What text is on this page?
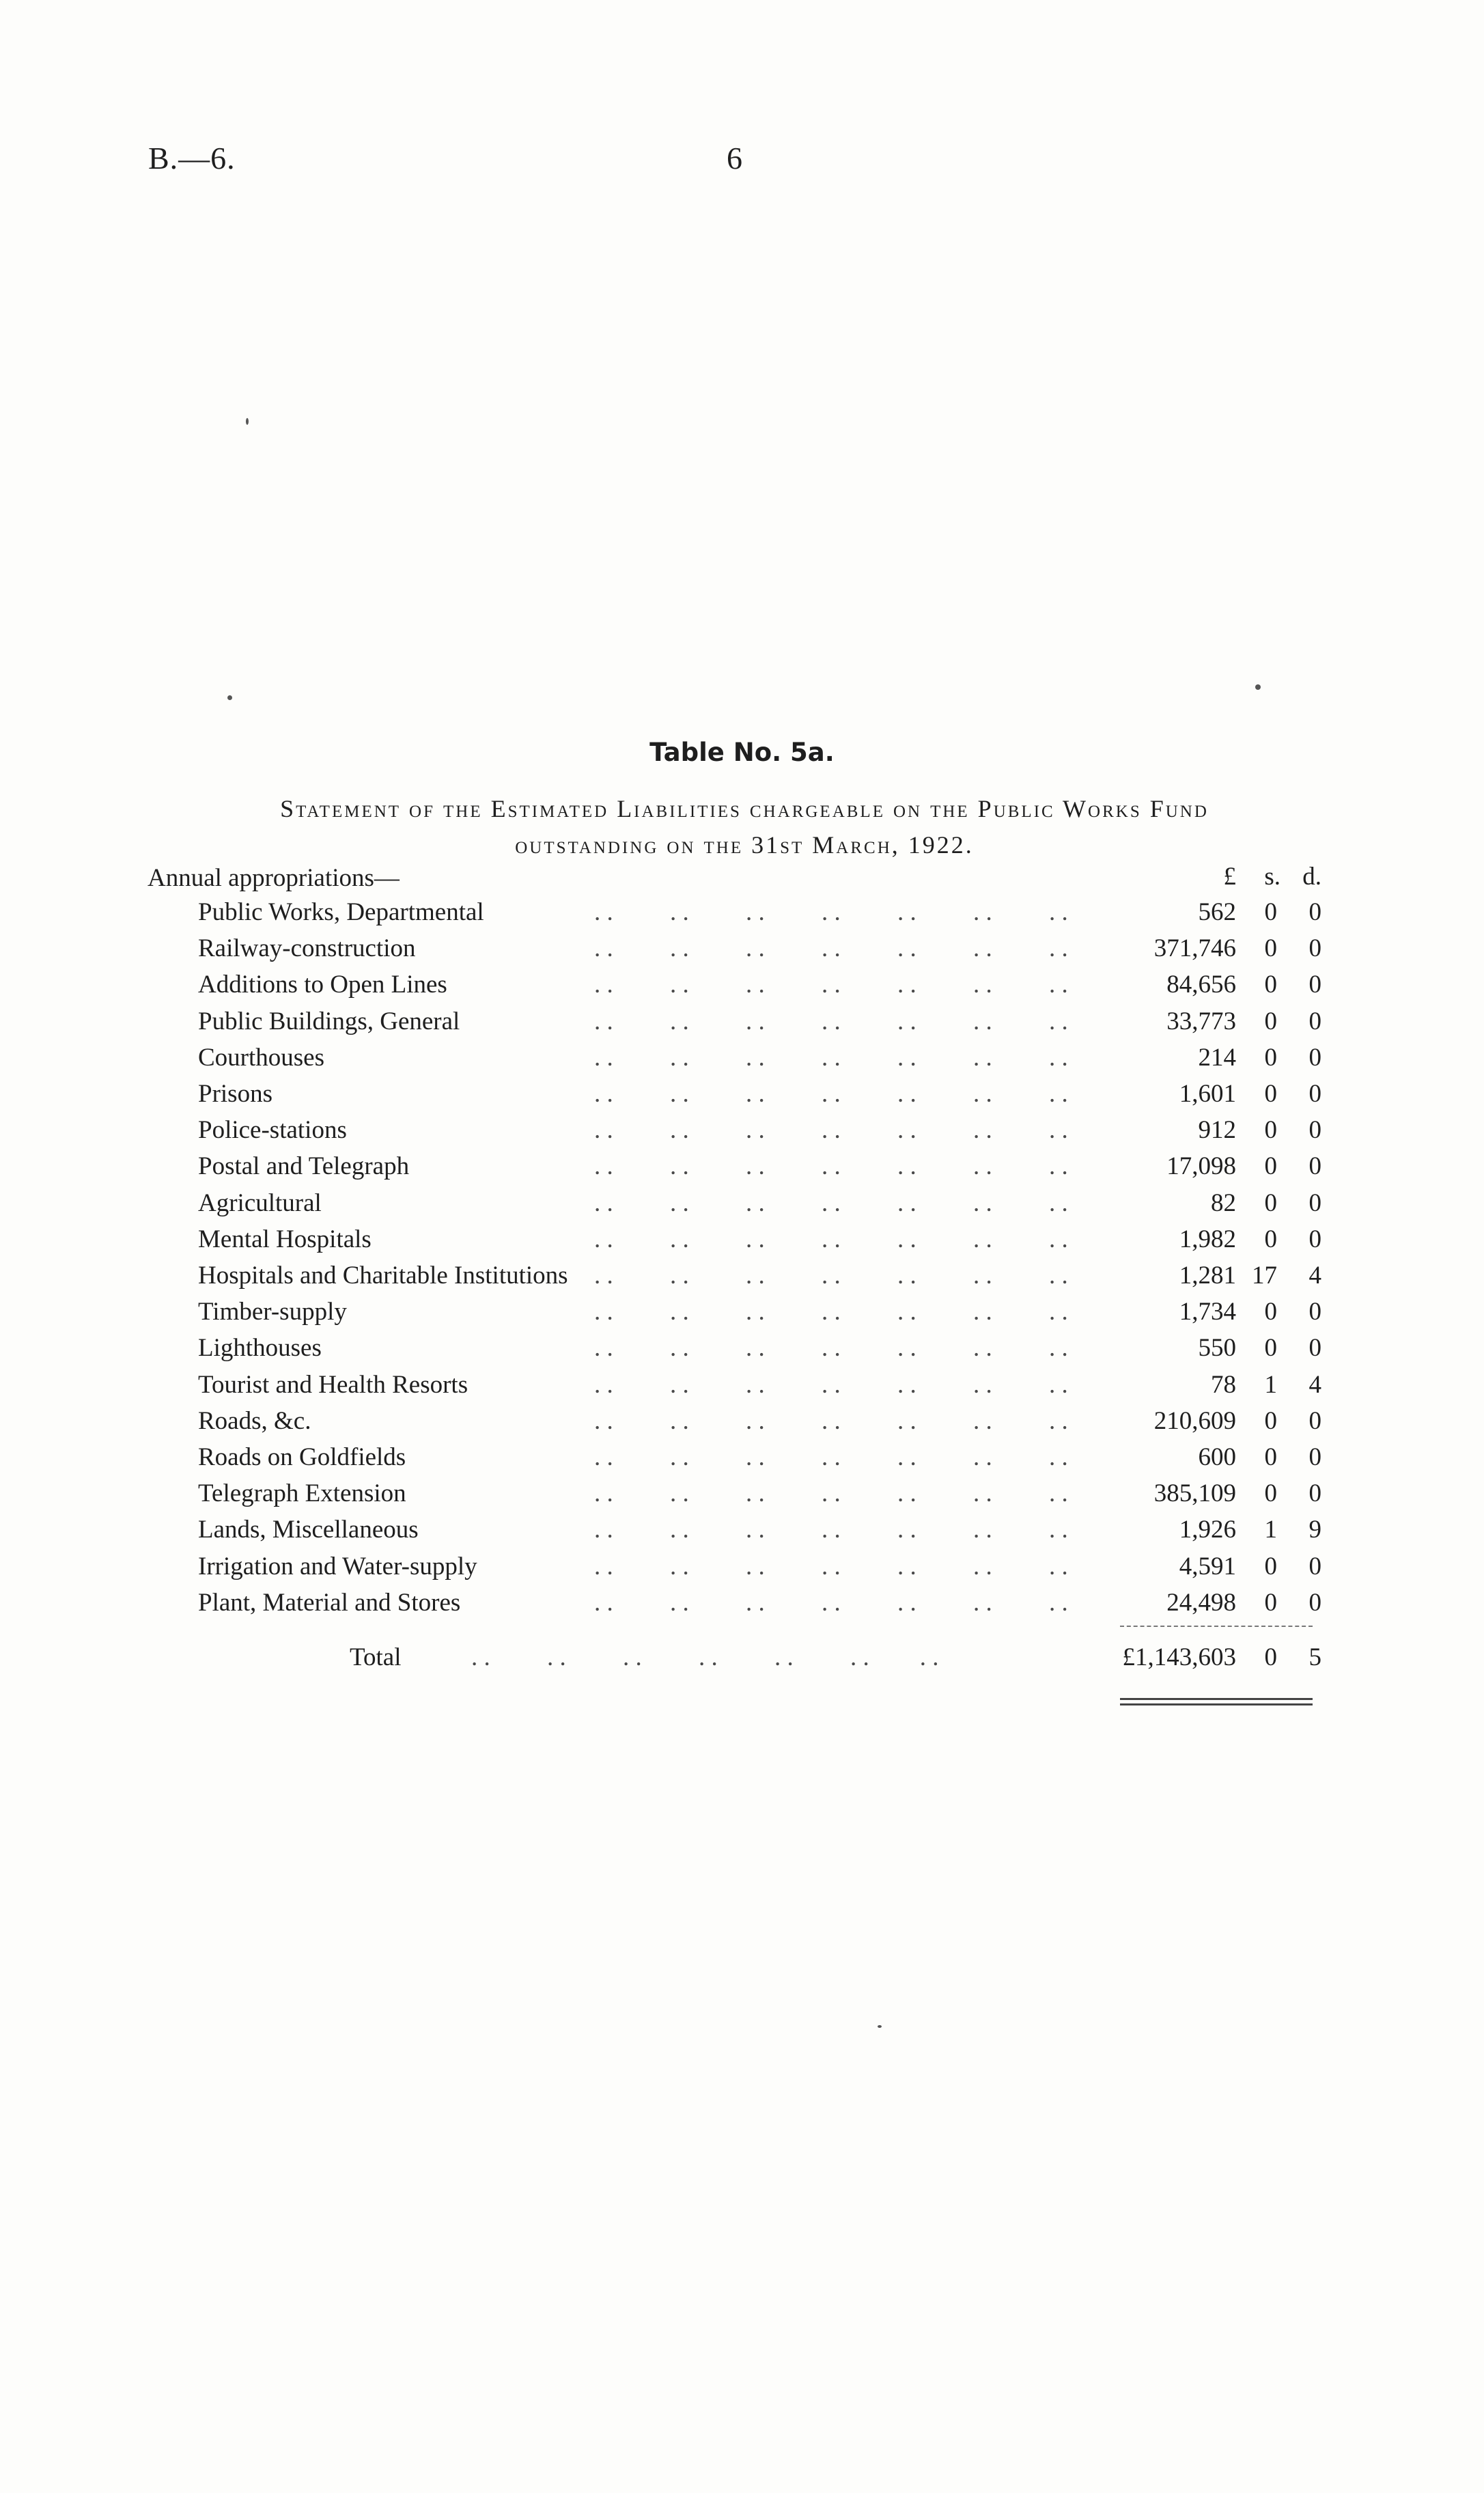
B.—6.	6
Table No. 5a.
Statement of the Estimated Liabilities chargeable on the Public Works Fund
outstanding on the 31st March, 1922.
Annual appropriations—	£ s. d.
Public Works, Departmental	. .         . .         . .         . .         . .         . .         . .	562	0	0
Railway-construction	. .         . .         . .         . .         . .         . .         . .	371,746	0	0
Additions to Open Lines	. .         . .         . .         . .         . .         . .         . .	84,656	0	0
Public Buildings, General	. .         . .         . .         . .         . .         . .         . .	33,773	0	0
Courthouses	. .         . .         . .         . .         . .         . .         . .	214	0	0
Prisons	. .         . .         . .         . .         . .         . .         . .	1,601	0	0
Police-stations	. .         . .         . .         . .         . .         . .         . .	912	0	0
Postal and Telegraph	. .         . .         . .         . .         . .         . .         . .	17,098	0	0
Agricultural	. .         . .         . .         . .         . .         . .         . .	82	0	0
Mental Hospitals	. .         . .         . .         . .         . .         . .         . .	1,982	0	0
Hospitals and Charitable Institutions . .         . .         . .         . .         . .         . .         . .	1,281 17	4
Timber-supply	. .         . .         . .         . .         . .         . .         . .	1,734	0	0
Lighthouses	. .         . .         . .         . .         . .         . .         . .	550	0	0
Tourist and Health Resorts	. .         . .         . .         . .         . .         . .         . .	78	1	4
Roads, &c.	. .         . .         . .         . .         . .         . .         . .	210,609	0	0
Roads on Goldfields	. .         . .         . .         . .         . .         . .         . .	600	0	0
Telegraph Extension	. .         . .         . .         . .         . .         . .         . .	385,109	0	0
Lands, Miscellaneous	. .         . .         . .         . .         . .         . .         . .	1,926	1	9
Irrigation and Water-supply	. .         . .         . .         . .         . .         . .         . .	4,591	0	0
Plant, Material and Stores	. .         . .         . .         . .         . .         . .         . .	24,498	0	0
Total	. .         . .         . .         . .         . .         . .        . .	£1,143,603	0	5
